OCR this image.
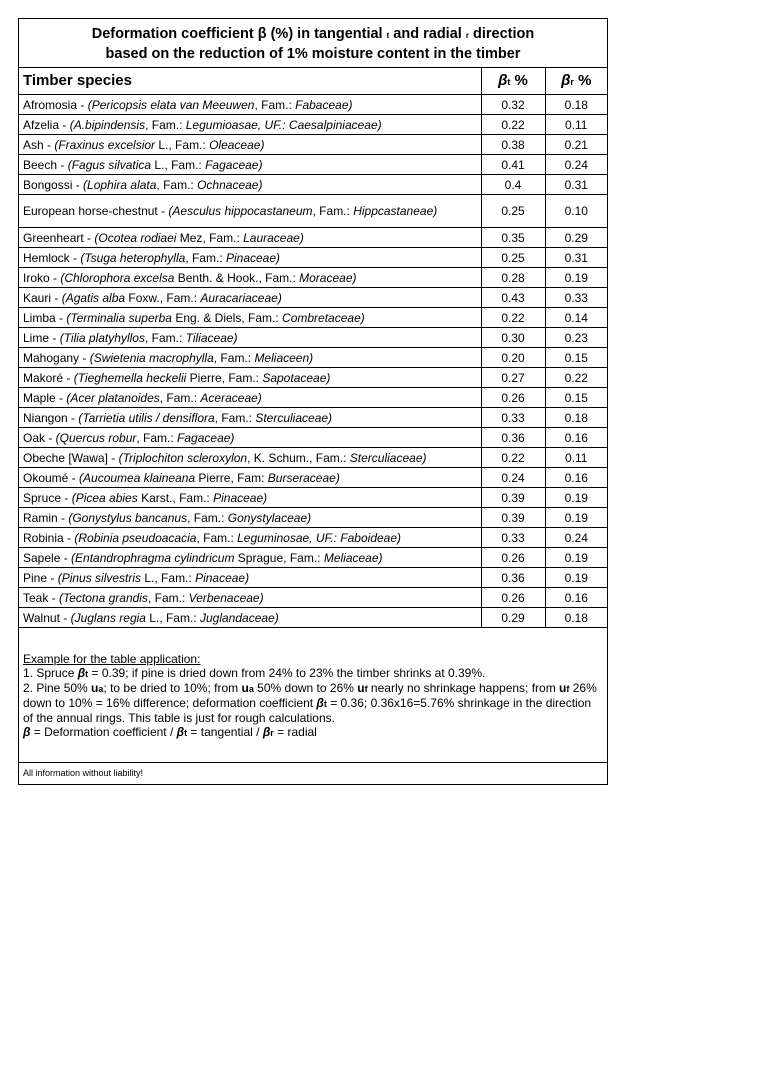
Deformation coefficient β (%) in tangential t and radial r direction
based on the reduction of 1% moisture content in the timber
Timber species	βt %	βr %
Afromosia - (Pericopsis elata van Meeuwen, Fam.: Fabaceae)	0.32	0.18
Afzelia - (A.bipindensis, Fam.: Legumioasae, UF.: Caesalpiniaceae)	0.22	0.11
Ash - (Fraxinus excelsior L., Fam.: Oleaceae)	0.38	0.21
Beech - (Fagus silvatica L., Fam.: Fagaceae)	0.41	0.24
Bongossi - (Lophira alata, Fam.: Ochnaceae)	0.4	0.31
European horse-chestnut - (Aesculus hippocastaneum, Fam.: Hippcastaneae)	0.25	0.10
Greenheart - (Ocotea rodiaei Mez, Fam.: Lauraceae)	0.35	0.29
Hemlock - (Tsuga heterophylla, Fam.: Pinaceae)	0.25	0.31
Iroko - (Chlorophora excelsa Benth. & Hook., Fam.: Moraceae)	0.28	0.19
Kauri - (Agatis alba Foxw., Fam.: Auracariaceae)	0.43	0.33
Limba - (Terminalia superba Eng. & Diels, Fam.: Combretaceae)	0.22	0.14
Lime - (Tilia platyhyllos, Fam.: Tiliaceae)	0.30	0.23
Mahogany - (Swietenia macrophylla, Fam.: Meliaceen)	0.20	0.15
Makoré - (Tieghemella heckelii Pierre, Fam.: Sapotaceae)	0.27	0.22
Maple - (Acer platanoides, Fam.: Aceraceae)	0.26	0.15
Niangon - (Tarrietia utilis / densiflora, Fam.: Sterculiaceae)	0.33	0.18
Oak - (Quercus robur, Fam.: Fagaceae)	0.36	0.16
Obeche [Wawa] - (Triplochiton scleroxylon, K. Schum., Fam.: Sterculiaceae)	0.22	0.11
Okoumé - (Aucoumea klaineana Pierre, Fam: Burseraceae)	0.24	0.16
Spruce - (Picea abies Karst., Fam.: Pinaceae)	0.39	0.19
Ramin - (Gonystylus bancanus, Fam.: Gonystylaceae)	0.39	0.19
Robinia - (Robinia pseudoacacia, Fam.: Leguminosae, UF.: Faboideae)	0.33	0.24
Sapele - (Entandrophragma cylindricum Sprague, Fam.: Meliaceae)	0.26	0.19
Pine - (Pinus silvestris L., Fam.: Pinaceae)	0.36	0.19
Teak - (Tectona grandis, Fam.: Verbenaceae)	0.26	0.16
Walnut - (Juglans regia L., Fam.: Juglandaceae)	0.29	0.18
Example for the table application:
1. Spruce βt = 0.39; if pine is dried down from 24% to 23% the timber shrinks at 0.39%.
2. Pine 50% ua; to be dried to 10%; from ua 50% down to 26% uf nearly no shrinkage happens; from uf 26% down to 10% = 16% difference; deformation coefficient βt = 0.36; 0.36x16=5.76% shrinkage in the direction of the annual rings. This table is just for rough calculations.
β = Deformation coefficient / βt = tangential / βr = radial
All information without liability!
